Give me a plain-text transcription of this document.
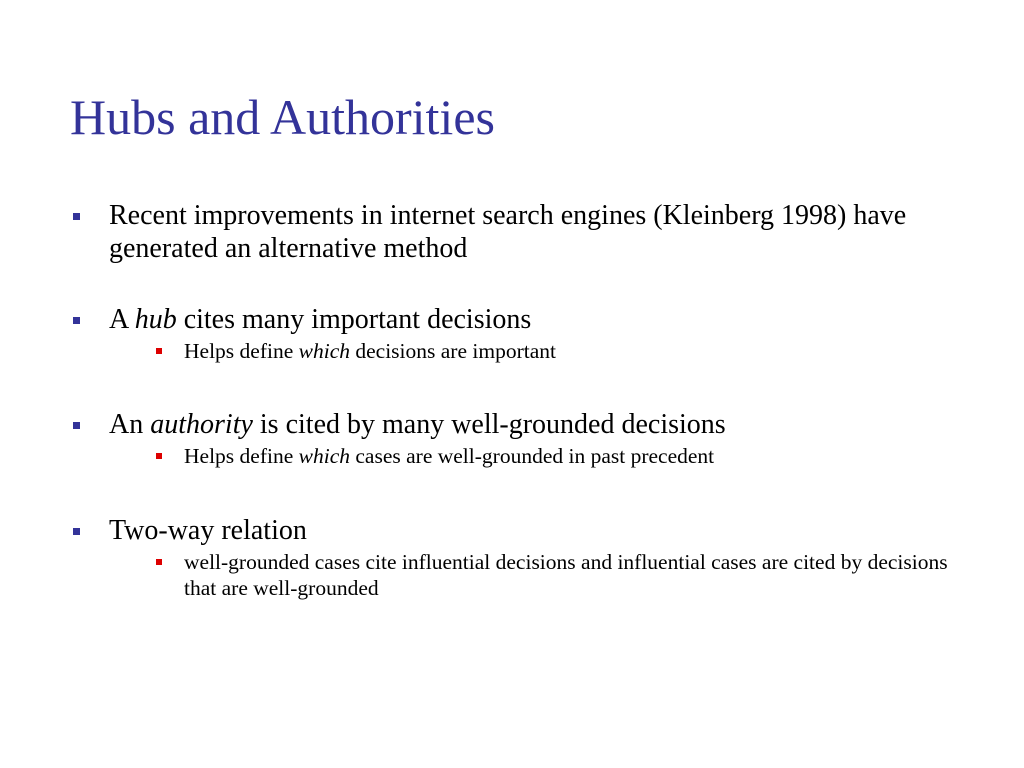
Hubs and Authorities
Recent improvements in internet search engines (Kleinberg 1998) have generated an alternative method
A hub cites many important decisions
Helps define which decisions are important
An authority is cited by many well-grounded decisions
Helps define which cases are well-grounded in past precedent
Two-way relation
well-grounded cases cite influential decisions and influential cases are cited by decisions that are well-grounded
